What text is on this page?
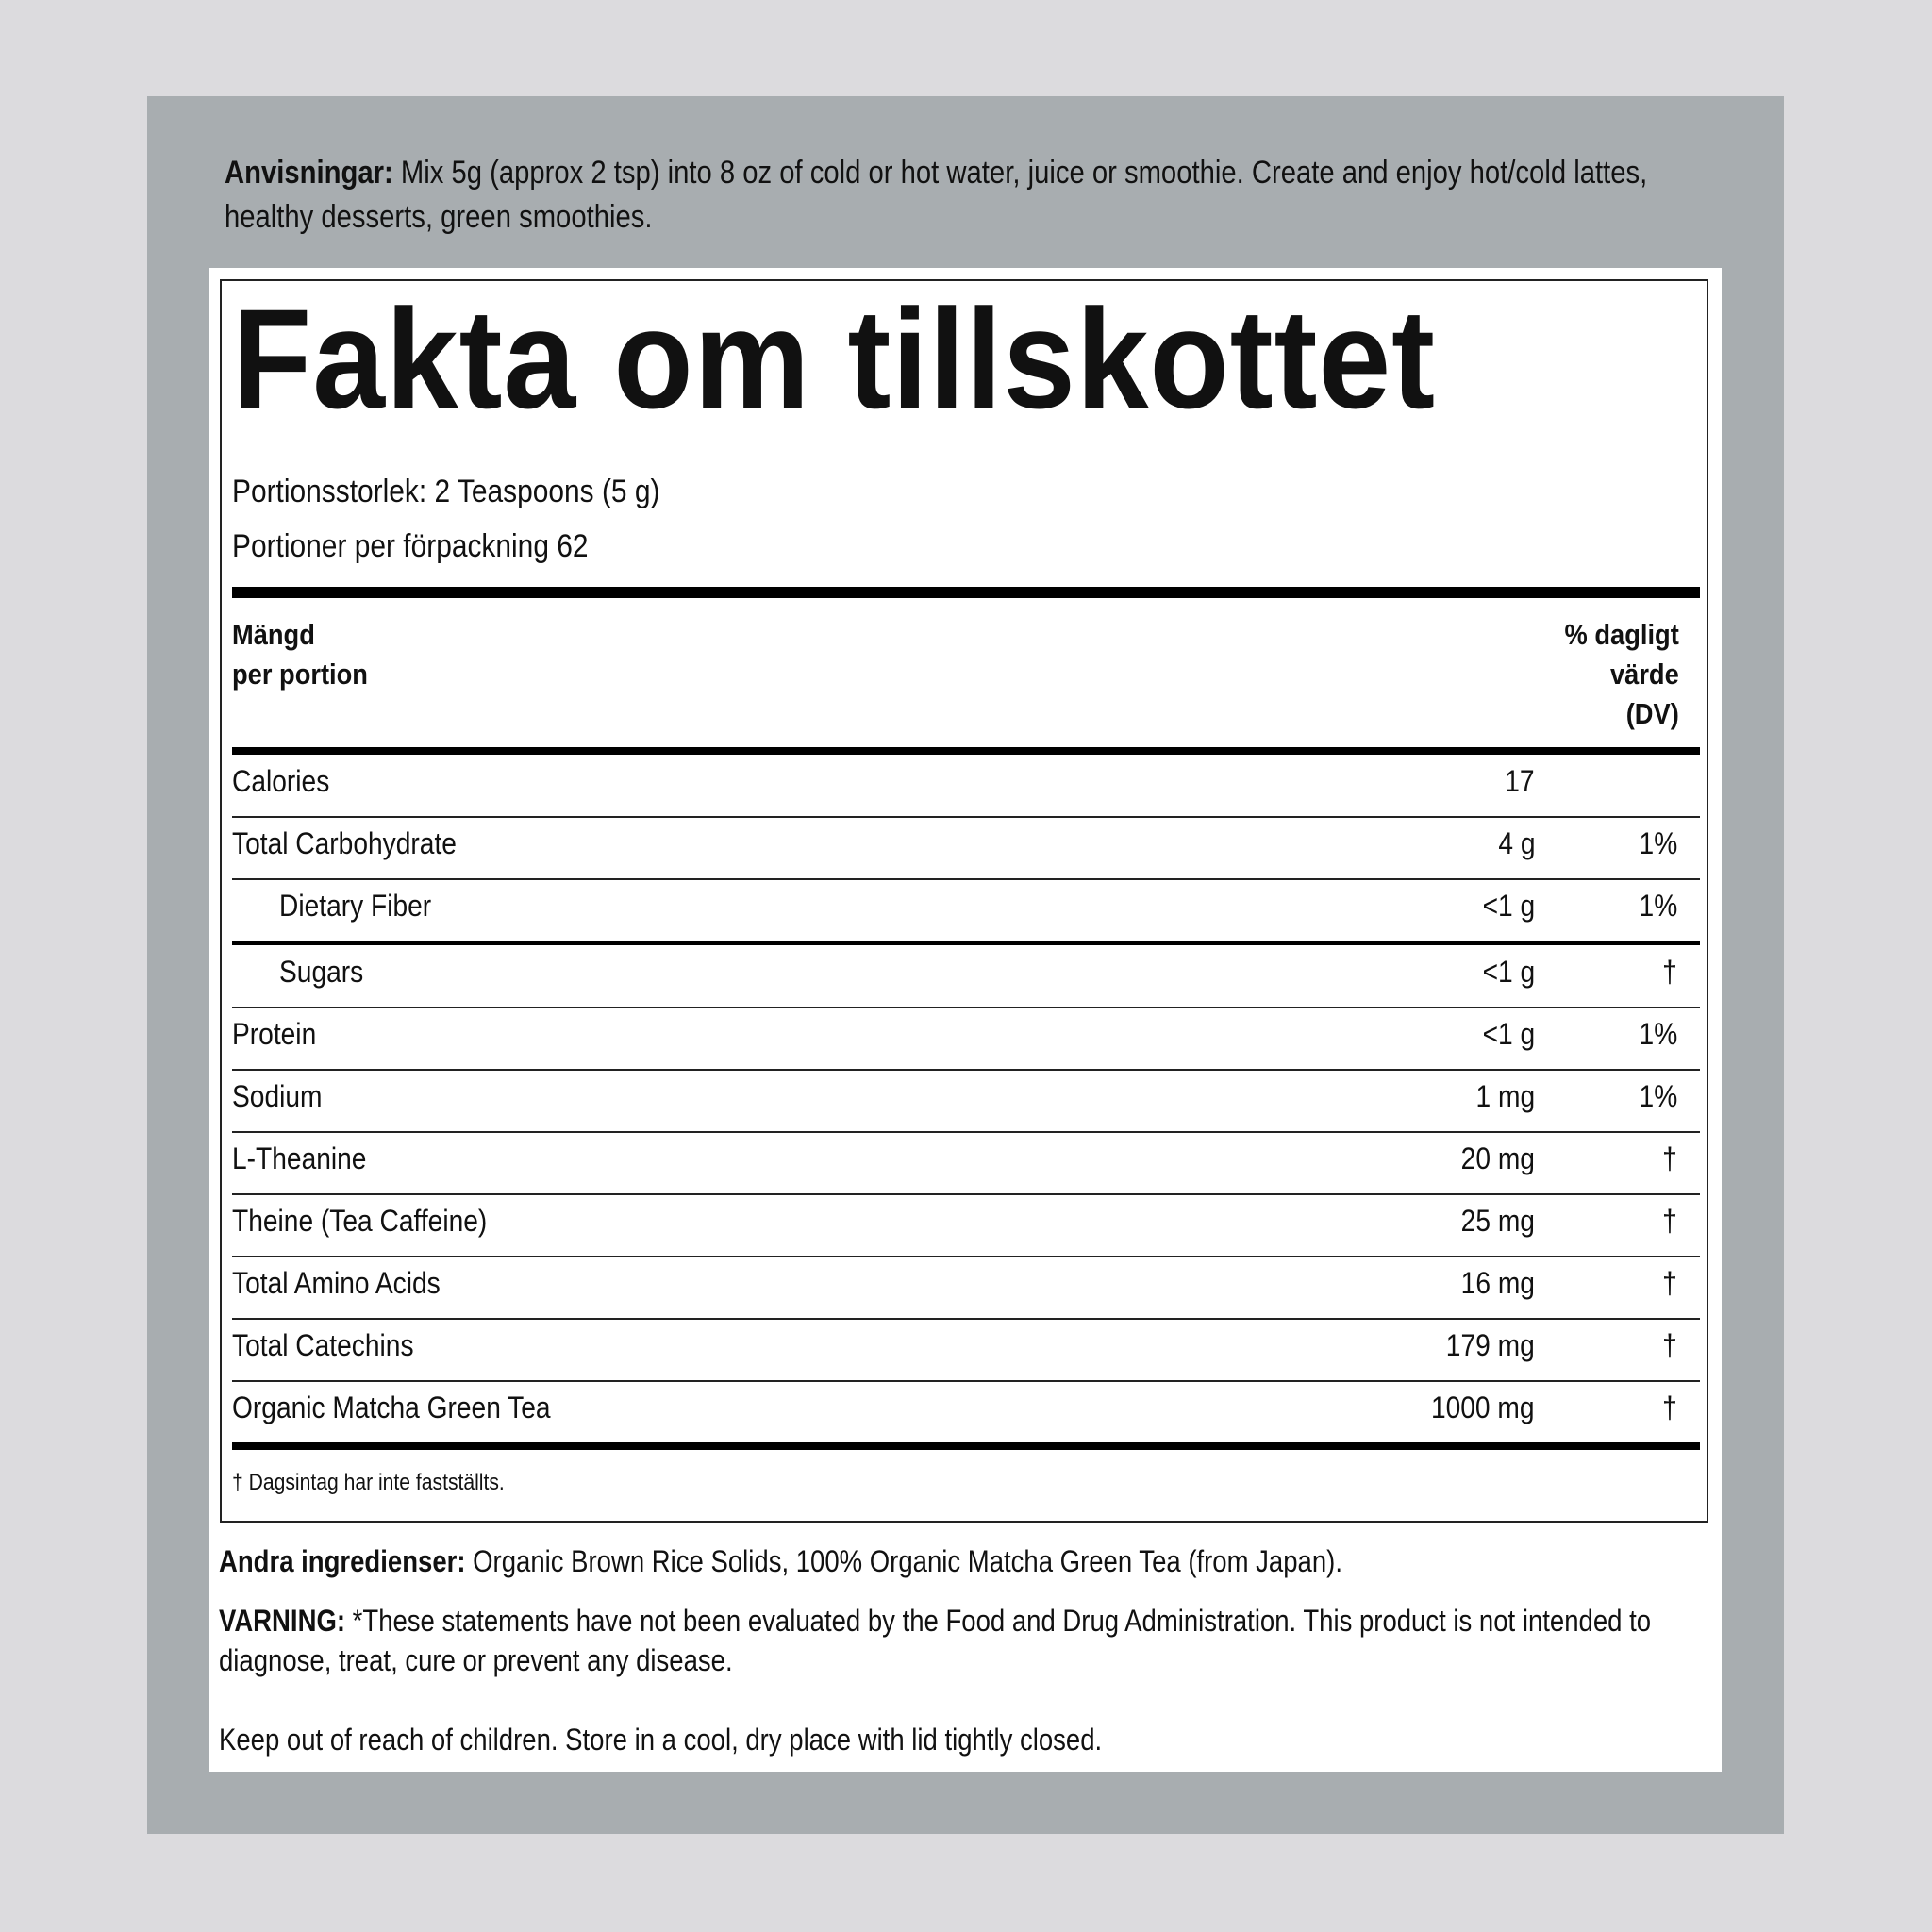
Anvisningar: Mix 5g (approx 2 tsp) into 8 oz of cold or hot water, juice or smoothie. Create and enjoy hot/cold lattes, healthy desserts, green smoothies.
Fakta om tillskottet
Portionsstorlek: 2 Teaspoons (5 g)
Portioner per förpackning 62
Mängd
per portion
% dagligt
värde
(DV)
Calories	17
Total Carbohydrate	4 g	1%
Dietary Fiber	<1 g	1%
Sugars	<1 g	†
Protein	<1 g	1%
Sodium	1 mg	1%
L-Theanine	20 mg	†
Theine (Tea Caffeine)	25 mg	†
Total Amino Acids	16 mg	†
Total Catechins	179 mg	†
Organic Matcha Green Tea	1000 mg	†
† Dagsintag har inte fastställts.
Andra ingredienser: Organic Brown Rice Solids, 100% Organic Matcha Green Tea (from Japan).
VARNING: *These statements have not been evaluated by the Food and Drug Administration. This product is not intended to diagnose, treat, cure or prevent any disease.
Keep out of reach of children. Store in a cool, dry place with lid tightly closed.
